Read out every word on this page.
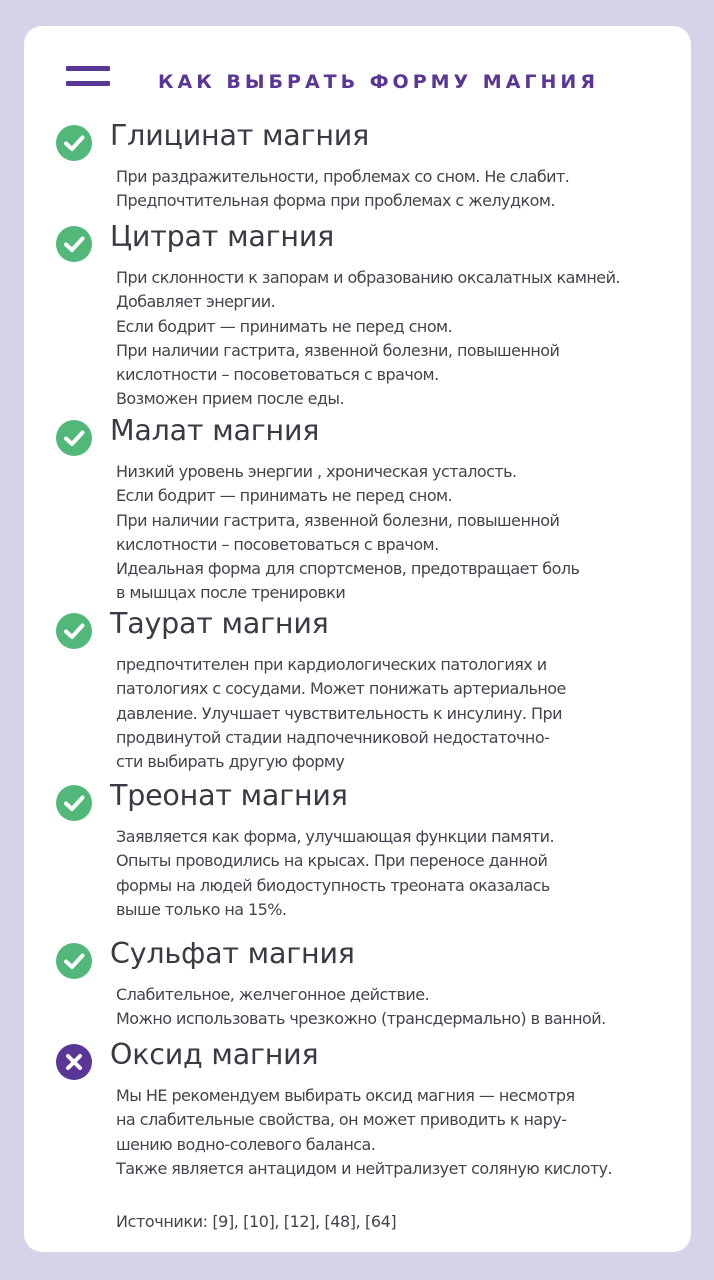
КАК ВЫБРАТЬ ФОРМУ МАГНИЯ
Глицинат магния
При раздражительности, проблемах со сном. Не слабит.
Предпочтительная форма при проблемах с желудком.
Цитрат магния
При склонности к запорам и образованию оксалатных камней.
Добавляет энергии.
Если бодрит — принимать не перед сном.
При наличии гастрита, язвенной болезни, повышенной
кислотности – посоветоваться с врачом.
Возможен прием после еды.
Малат магния
Низкий уровень энергии , хроническая усталость.
Если бодрит — принимать не перед сном.
При наличии гастрита, язвенной болезни, повышенной
кислотности – посоветоваться с врачом.
Идеальная форма для спортсменов, предотвращает боль
в мышцах после тренировки
Таурат магния
предпочтителен при кардиологических патологиях и
патологиях с сосудами. Может понижать артериальное
давление. Улучшает чувствительность к инсулину. При
продвинутой стадии надпочечниковой недостаточно-
сти выбирать другую форму
Треонат магния
Заявляется как форма, улучшающая функции памяти.
Опыты проводились на крысах. При переносе данной
формы на людей биодоступность треоната оказалась
выше только на 15%.
Сульфат магния
Слабительное, желчегонное действие.
Можно использовать чрезкожно (трансдермально) в ванной.
Оксид магния
Мы НЕ рекомендуем выбирать оксид магния — несмотря
на слабительные свойства, он может приводить к нару-
шению водно-солевого баланса.
Также является антацидом и нейтрализует соляную кислоту.
Источники: [9], [10], [12], [48], [64]
